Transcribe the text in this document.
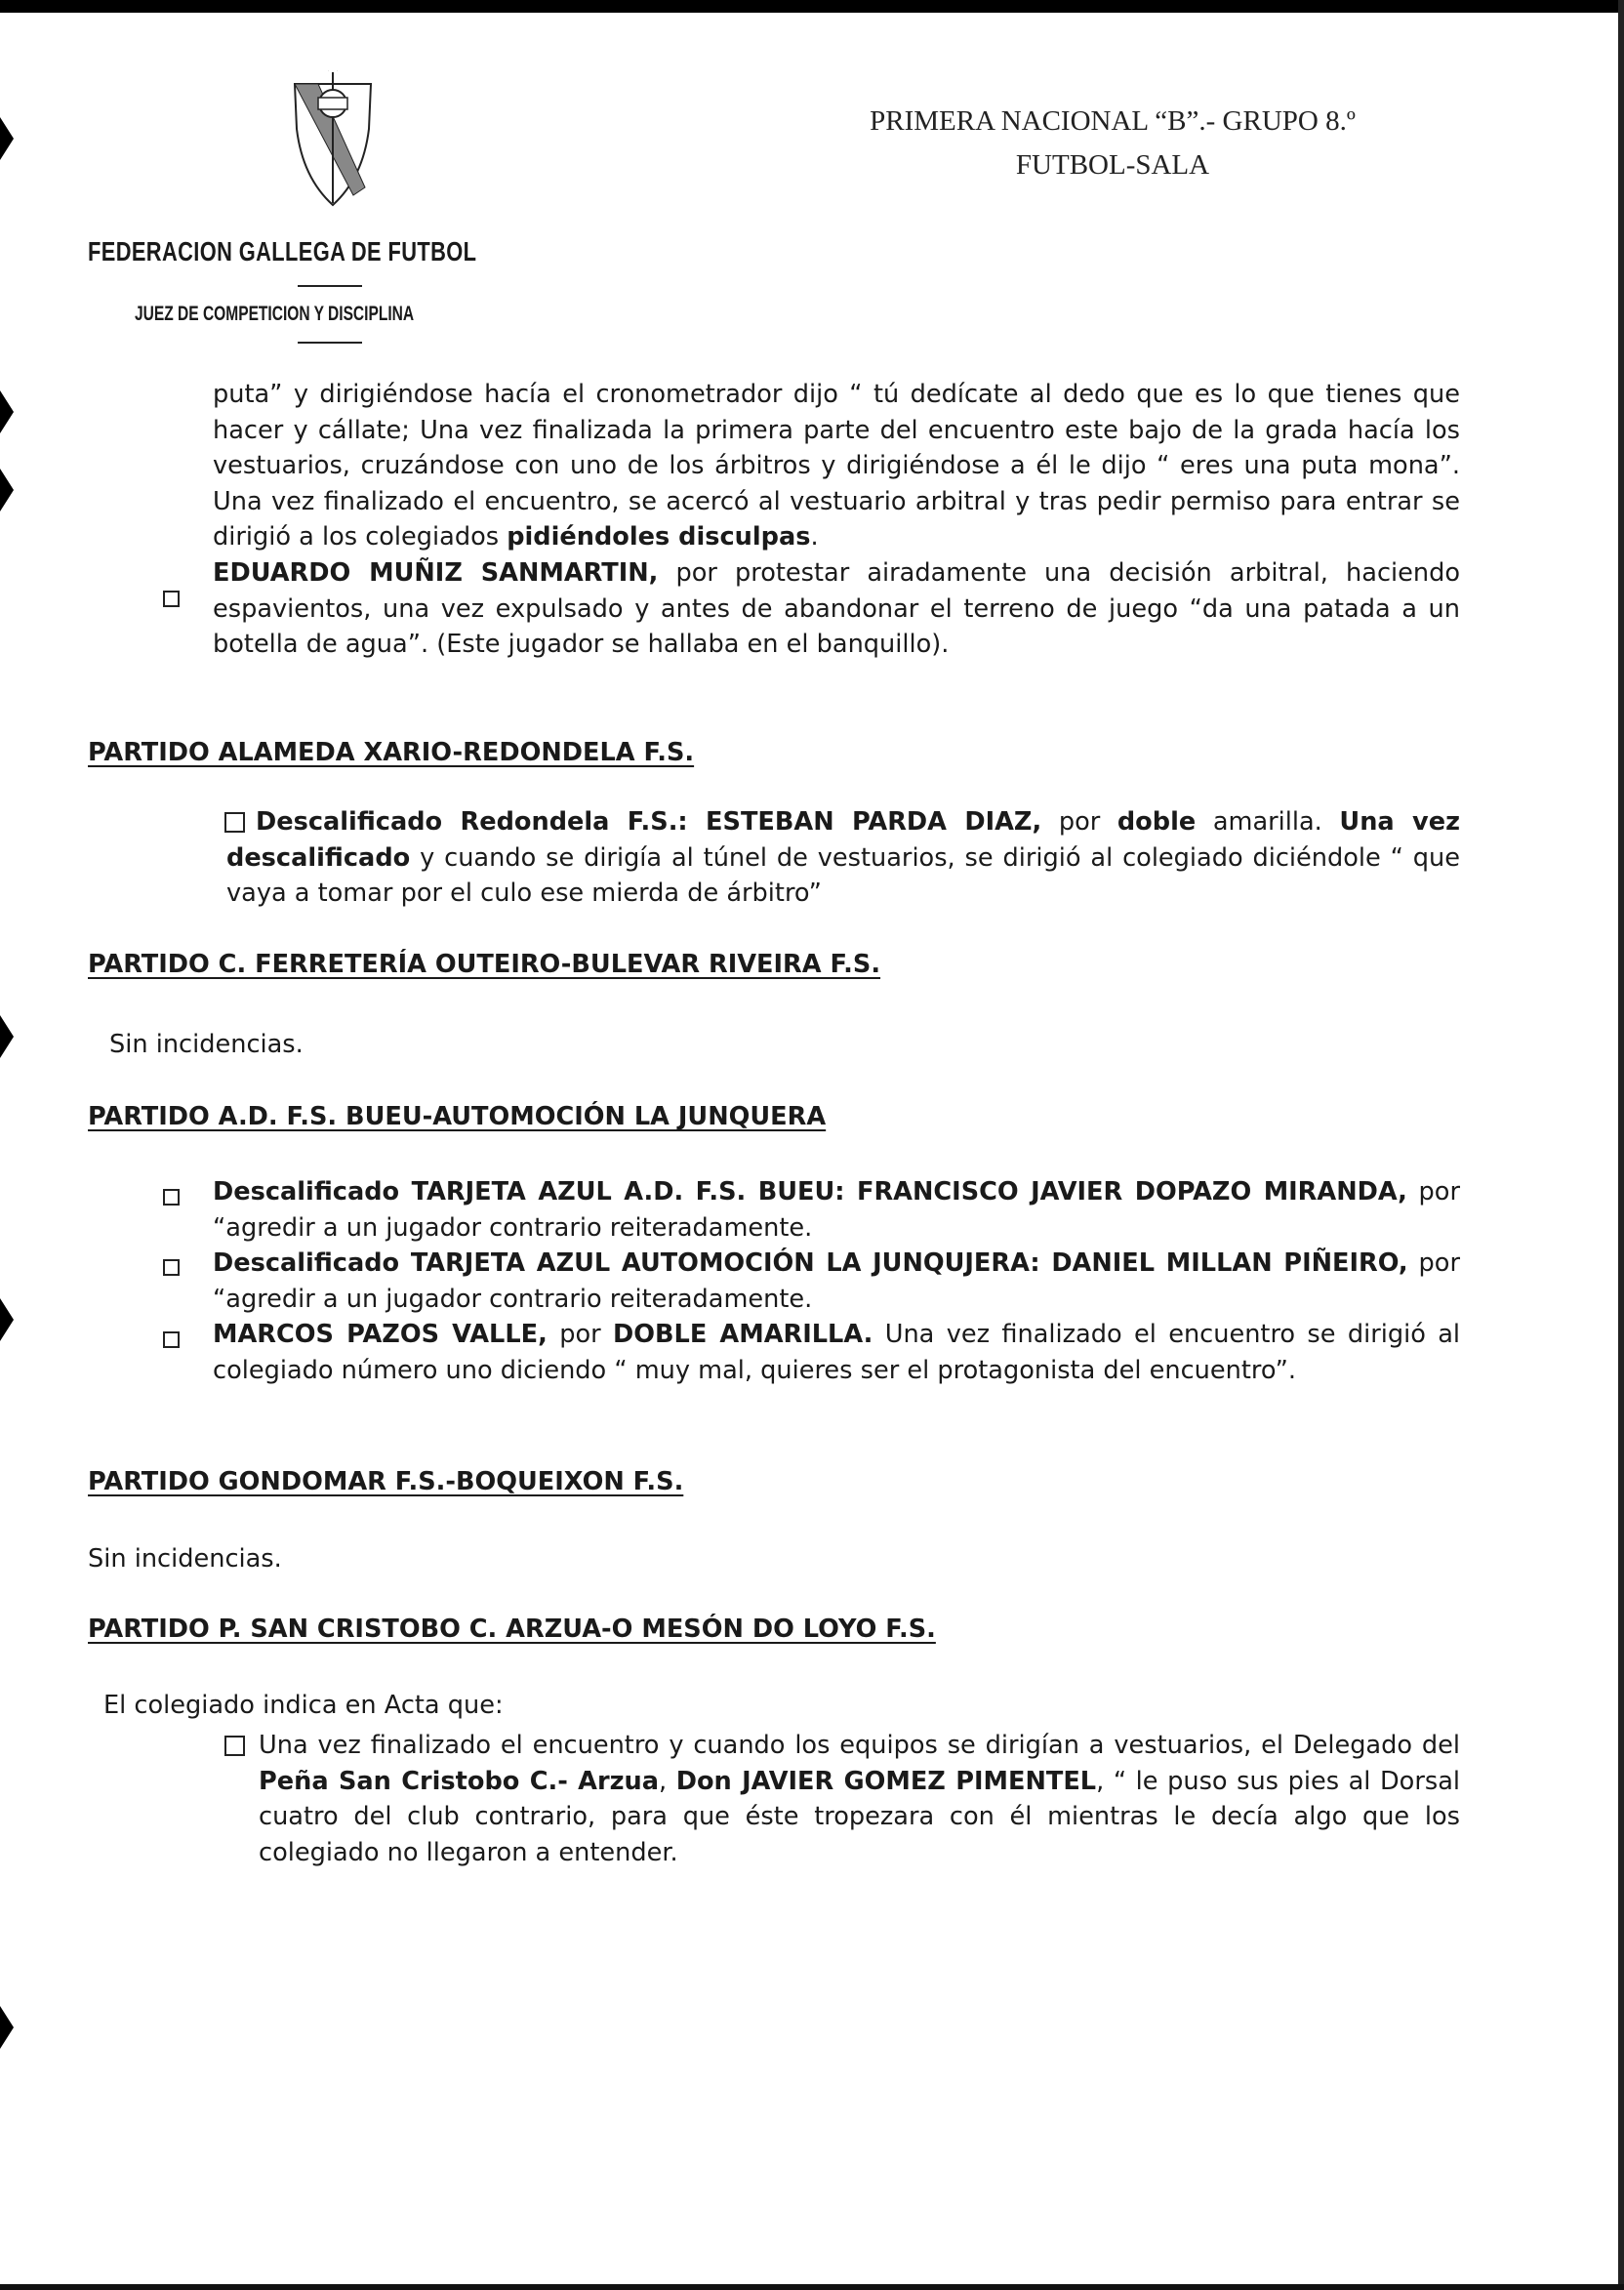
FEDERACION GALLEGA DE FUTBOL
JUEZ DE COMPETICION Y DISCIPLINA
PRIMERA NACIONAL “B”.- GRUPO 8.º
FUTBOL-SALA
puta” y dirigiéndose hacía el cronometrador dijo “ tú dedícate al dedo que es lo que tienes que hacer y cállate; Una vez finalizada la primera parte del encuentro este bajo de la grada hacía los vestuarios, cruzándose con uno de los árbitros y dirigiéndose a él le dijo “ eres una puta mona”. Una vez finalizado el encuentro, se acercó al vestuario arbitral y tras pedir permiso para entrar se dirigió a los colegiados pidiéndoles disculpas.
EDUARDO MUÑIZ SANMARTIN, por protestar airadamente una decisión arbitral, haciendo espavientos, una vez expulsado y antes de abandonar el terreno de juego “da una patada a un botella de agua”. (Este jugador se hallaba en el banquillo).
PARTIDO ALAMEDA XARIO-REDONDELA F.S.
Descalificado Redondela F.S.: ESTEBAN PARDA DIAZ, por doble amarilla. Una vez descalificado y cuando se dirigía al túnel de vestuarios, se dirigió al colegiado diciéndole “ que vaya a tomar por el culo ese mierda de árbitro”
PARTIDO C. FERRETERÍA OUTEIRO-BULEVAR RIVEIRA F.S.
Sin incidencias.
PARTIDO A.D. F.S. BUEU-AUTOMOCIÓN LA JUNQUERA
Descalificado TARJETA AZUL A.D. F.S. BUEU: FRANCISCO JAVIER DOPAZO MIRANDA, por “agredir a un jugador contrario reiteradamente.
Descalificado TARJETA AZUL AUTOMOCIÓN LA JUNQUJERA: DANIEL MILLAN PIÑEIRO, por “agredir a un jugador contrario reiteradamente.
MARCOS PAZOS VALLE, por DOBLE AMARILLA. Una vez finalizado el encuentro se dirigió al colegiado número uno diciendo “ muy mal, quieres ser el protagonista del encuentro”.
PARTIDO GONDOMAR F.S.-BOQUEIXON F.S.
Sin incidencias.
PARTIDO P. SAN CRISTOBO C. ARZUA-O MESÓN DO LOYO F.S.
El colegiado indica en Acta que:
Una vez finalizado el encuentro y cuando los equipos se dirigían a vestuarios, el Delegado del Peña San Cristobo C.- Arzua, Don JAVIER GOMEZ PIMENTEL, “ le puso sus pies al Dorsal cuatro del club contrario, para que éste tropezara con él mientras le decía algo que los colegiado no llegaron a entender.
